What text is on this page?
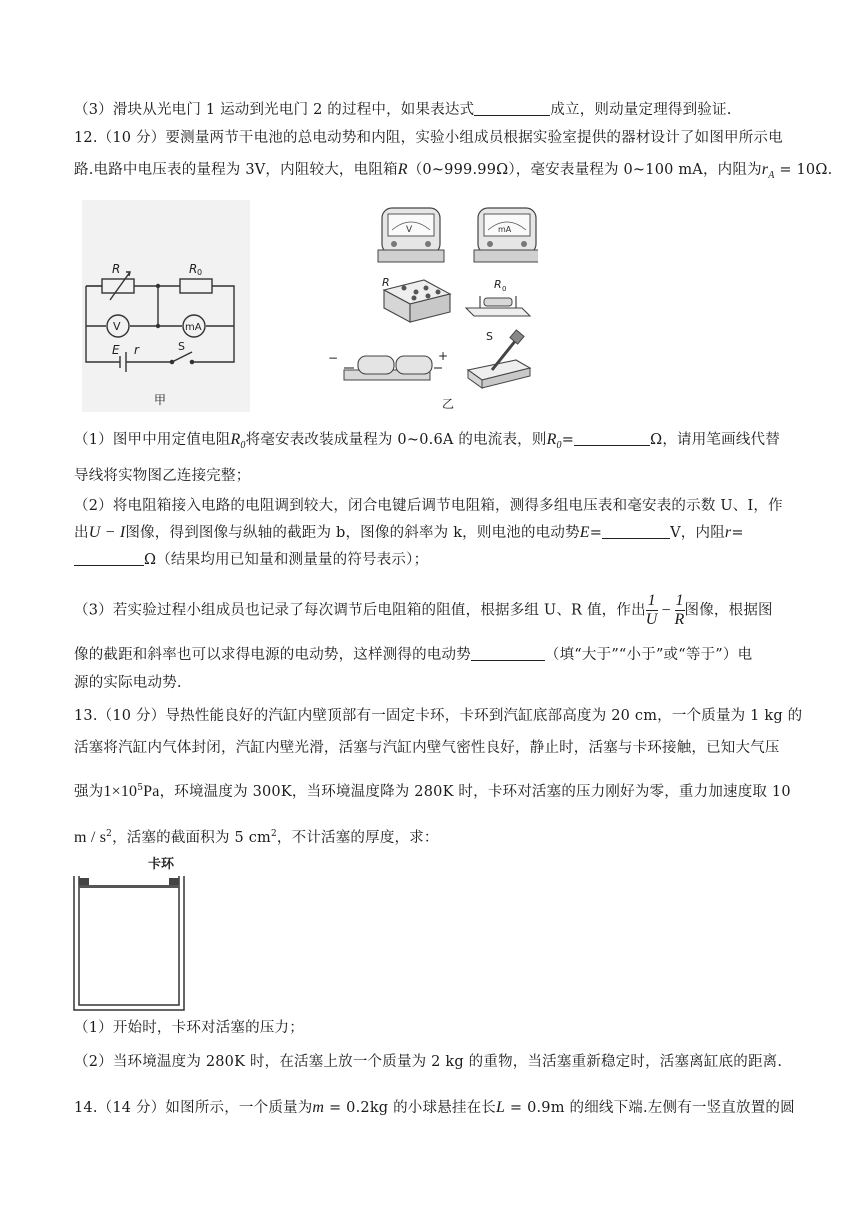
（3）滑块从光电门 1 运动到光电门 2 的过程中，如果表达式	成立，则动量定理得到验证.
12.（10 分）要测量两节干电池的总电动势和内阻，实验小组成员根据实验室提供的器材设计了如图甲所示电
路.电路中电压表的量程为 3V，内阻较大，电阻箱R（0~999.99Ω），毫安表量程为 0~100 mA，内阻为$r_A = 10\Omega$.
R	R 0
V	mA
E r	S
甲
V	mA
R	R 0
−	+
S
乙
（1）图甲中用定值电阻$R_0$将毫安表改装成量程为 0~0.6A 的电流表，则$R_0=$	Ω，请用笔画线代替
导线将实物图乙连接完整；
（2）将电阻箱接入电路的电阻调到较大，闭合电键后调节电阻箱，测得多组电压表和毫安表的示数 U、I，作
出U − I图像，得到图像与纵轴的截距为 b，图像的斜率为 k，则电池的电动势E=	V，内阻r=
Ω（结果均用已知量和测量量的符号表示）；
（3）若实验过程小组成员也记录了每次调节后电阻箱的阻值，根据多组 U、R 值，作出 $\frac{1}{U} - \frac{1}{R}$ 图像，根据图
像的截距和斜率也可以求得电源的电动势，这样测得的电动势	（填“大于”“小于”或“等于”）电
源的实际电动势.
13.（10 分）导热性能良好的汽缸内壁顶部有一固定卡环，卡环到汽缸底部高度为 20 cm，一个质量为 1 kg 的
活塞将汽缸内气体封闭，汽缸内壁光滑，活塞与汽缸内壁气密性良好，静止时，活塞与卡环接触，已知大气压
强为$1\times 10^5Pa$，环境温度为 300K，当环境温度降为 280K 时，卡环对活塞的压力刚好为零，重力加速度取 10
m / $s^2$，活塞的截面积为 5 $cm^2$，不计活塞的厚度，求：
卡环
（1）开始时，卡环对活塞的压力；
（2）当环境温度为 280K 时，在活塞上放一个质量为 2 kg 的重物，当活塞重新稳定时，活塞离缸底的距离.
14.（14 分）如图所示，一个质量为m = 0.2kg 的小球悬挂在长L = 0.9m 的细线下端.左侧有一竖直放置的圆
